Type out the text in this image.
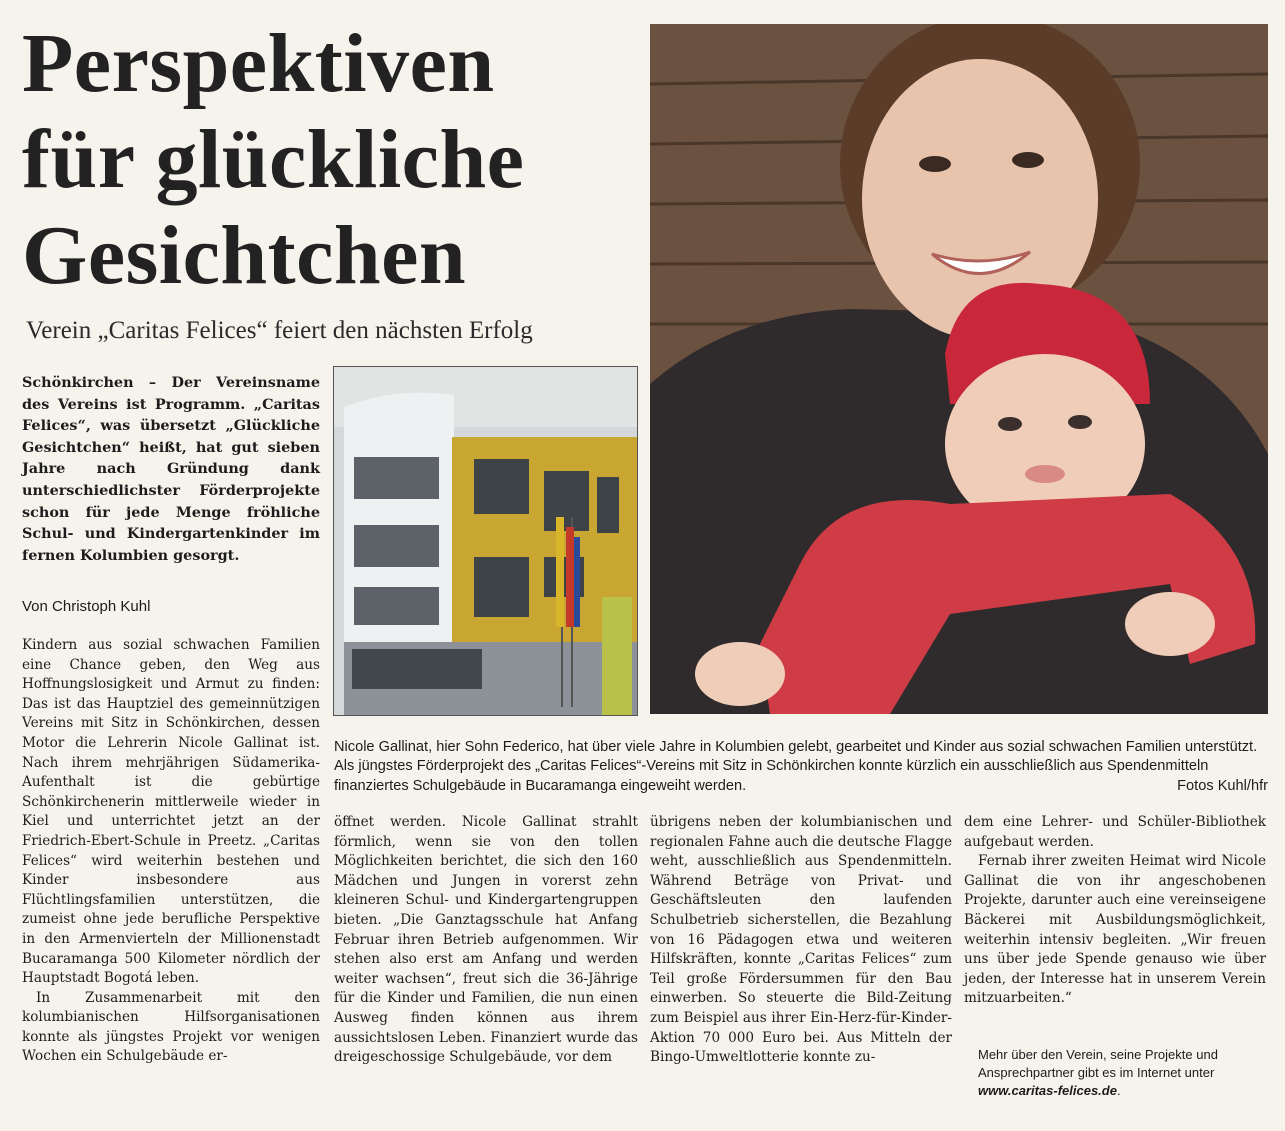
Perspektiven
für glückliche
Gesichtchen
Verein „Caritas Felices“ feiert den nächsten Erfolg
Schönkirchen – Der Vereinsname des Vereins ist Programm. „Caritas Felices“, was übersetzt „Glückliche Gesichtchen“ heißt, hat gut sieben Jahre nach Gründung dank unterschiedlichster Förderprojekte schon für jede Menge fröhliche Schul- und Kindergartenkinder im fernen Kolumbien gesorgt.
Von Christoph Kuhl
Nicole Gallinat, hier Sohn Federico, hat über viele Jahre in Kolumbien gelebt, gearbeitet und Kinder aus sozial schwachen Familien unterstützt. Als jüngstes Förderprojekt des „Caritas Felices“-Vereins mit Sitz in Schönkirchen konnte kürzlich ein ausschließlich aus Spendenmitteln finanziertes Schulgebäude in Bucaramanga eingeweiht werden.	Fotos Kuhl/hfr

Kindern aus sozial schwachen Familien eine Chance geben, den Weg aus Hoffnungslosigkeit und Armut zu finden: Das ist das Hauptziel des gemeinnützigen Vereins mit Sitz in Schönkirchen, dessen Motor die Lehrerin Nicole Gallinat ist. Nach ihrem mehrjährigen Südamerika-Aufenthalt ist die gebürtige Schönkirchenerin mittlerweile wieder in Kiel und unterrichtet jetzt an der Friedrich-Ebert-Schule in Preetz. „Caritas Felices“ wird weiterhin bestehen und Kinder insbesondere aus Flüchtlingsfamilien unterstützen, die zumeist ohne jede berufliche Perspektive in den Armenvierteln der Millionenstadt Bucaramanga 500 Kilometer nördlich der Hauptstadt Bogotá leben.

In Zusammenarbeit mit den kolumbianischen Hilfsorganisationen konnte als jüngstes Projekt vor wenigen Wochen ein Schulgebäude er-

öffnet werden. Nicole Gallinat strahlt förmlich, wenn sie von den tollen Möglichkeiten berichtet, die sich den 160 Mädchen und Jungen in vorerst zehn kleineren Schul- und Kindergartengruppen bieten. „Die Ganztagsschule hat Anfang Februar ihren Betrieb aufgenommen. Wir stehen also erst am Anfang und werden weiter wachsen“, freut sich die 36-Jährige für die Kinder und Familien, die nun einen Ausweg finden können aus ihrem aussichtslosen Leben. Finanziert wurde das dreigeschossige Schulgebäude, vor dem

übrigens neben der kolumbianischen und regionalen Fahne auch die deutsche Flagge weht, ausschließlich aus Spendenmitteln. Während Beträge von Privat- und Geschäftsleuten den laufenden Schulbetrieb sicherstellen, die Bezahlung von 16 Pädagogen etwa und weiteren Hilfskräften, konnte „Caritas Felices“ zum Teil große Fördersummen für den Bau einwerben. So steuerte die Bild-Zeitung zum Beispiel aus ihrer Ein-Herz-für-Kinder-Aktion 70 000 Euro bei. Aus Mitteln der Bingo-Umweltlotterie konnte zu-

dem eine Lehrer- und Schüler-Bibliothek aufgebaut werden.

Fernab ihrer zweiten Heimat wird Nicole Gallinat die von ihr angeschobenen Projekte, darunter auch eine vereinseigene Bäckerei mit Ausbildungsmöglichkeit, weiterhin intensiv begleiten. „Wir freuen uns über jede Spende genauso wie über jeden, der Interesse hat in unserem Verein mitzuarbeiten.“

Mehr über den Verein, seine Projekte und Ansprechpartner gibt es im Internet unter www.caritas-felices.de.
